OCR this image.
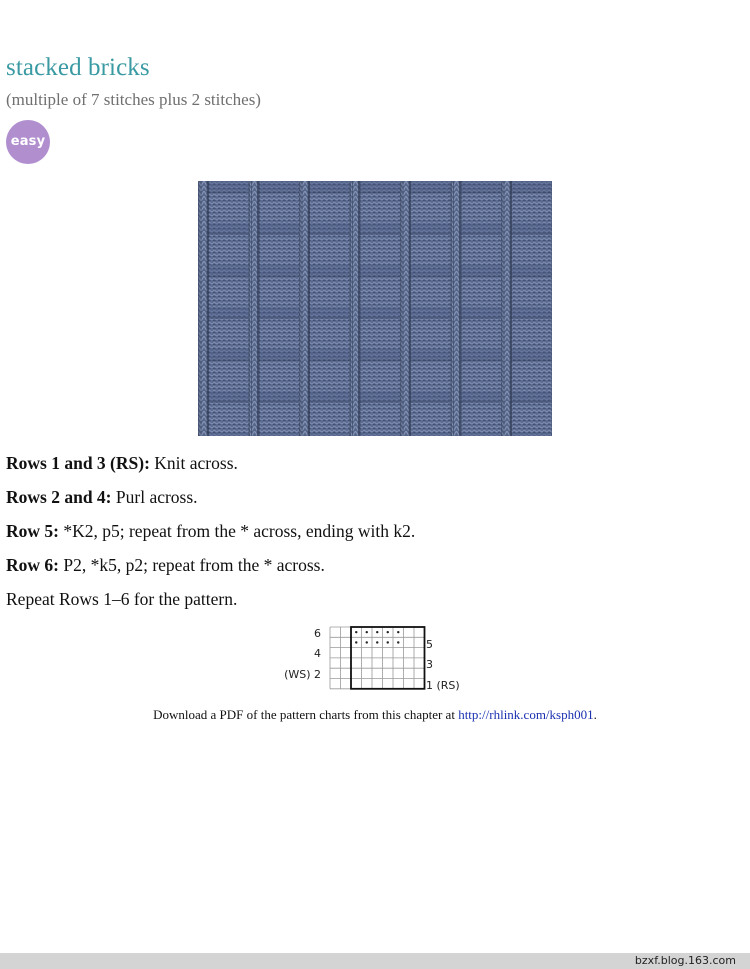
stacked bricks
(multiple of 7 stitches plus 2 stitches)
easy
Rows 1 and 3 (RS): Knit across.
Rows 2 and 4: Purl across.
Row 5: *K2, p5; repeat from the * across, ending with k2.
Row 6: P2, *k5, p2; repeat from the * across.
Repeat Rows 1–6 for the pattern.
6
4
(WS) 2
5
3
1 (RS)
Download a PDF of the pattern charts from this chapter at http://rhlink.com/ksph001.
bzxf.blog.163.com
